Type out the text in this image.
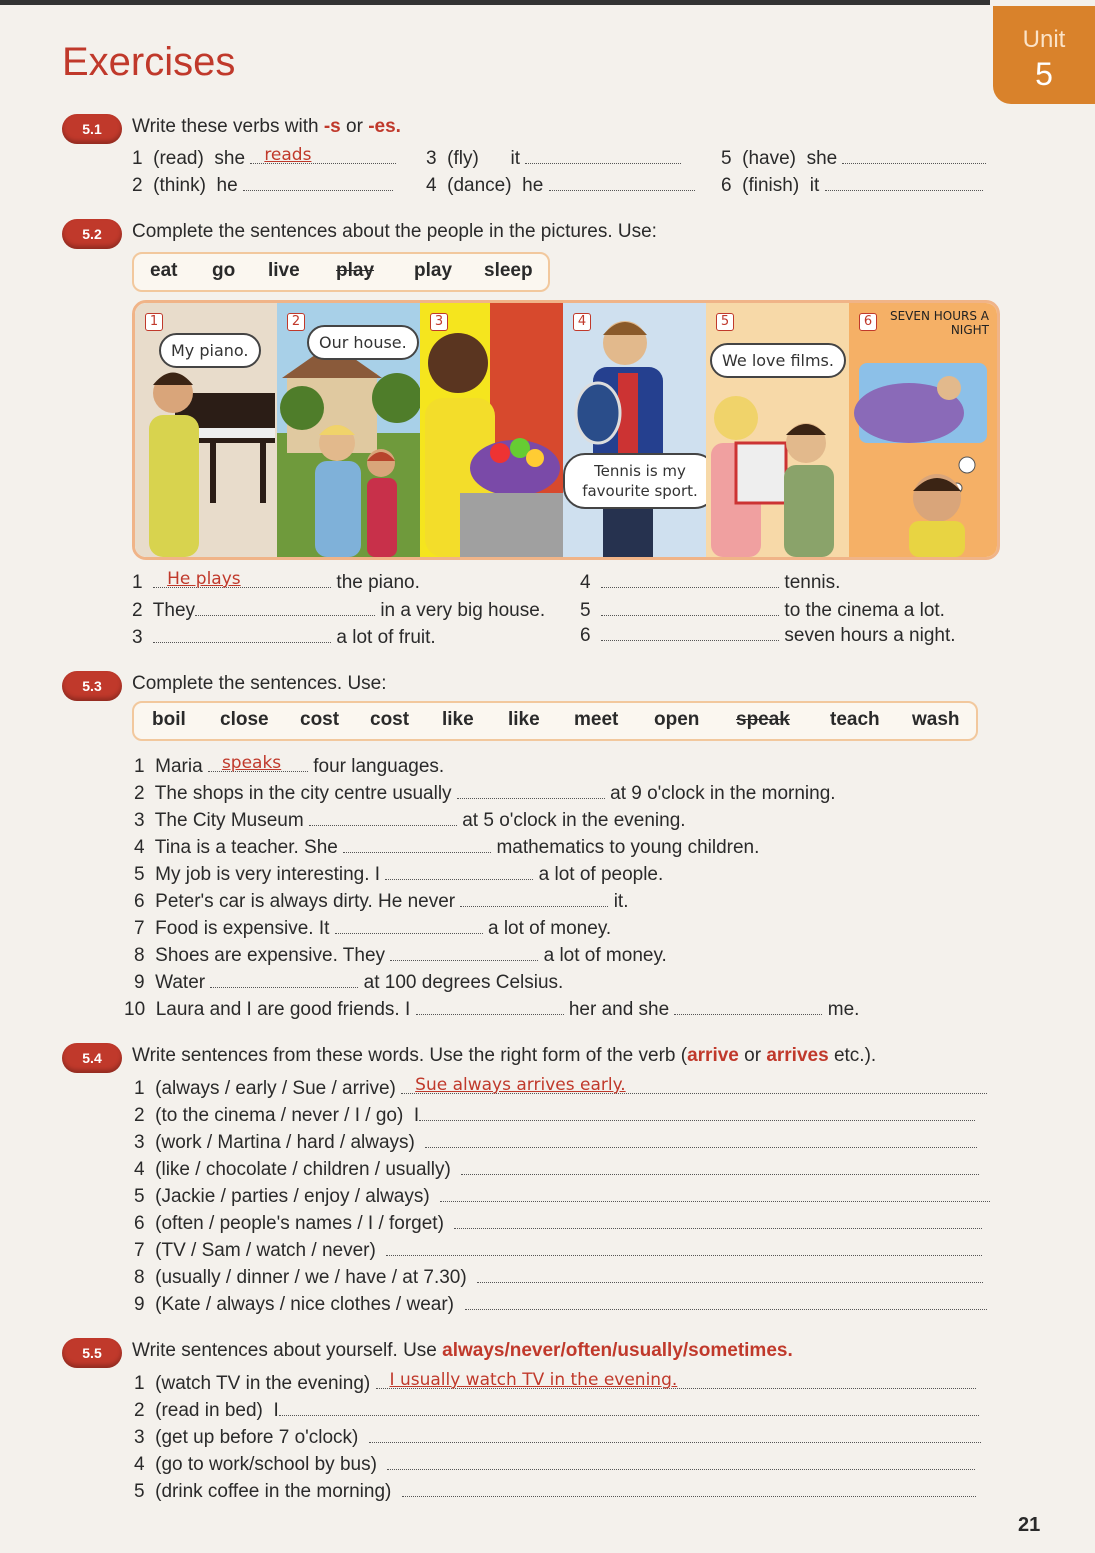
Unit
5
Exercises
5.1	Write these verbs with -s or -es.
1 (read) she reads
2 (think) he
3 (fly) it
4 (dance) he
5 (have) she
6 (finish) it
5.2	Complete the sentences about the people in the pictures. Use:
eat go live play play sleep
1
My piano.
2
Our house.
3	4
Tennis is my favourite sport.
5
We love films.
6	SEVEN HOURS A NIGHT
1 He plays	the piano.
2 They	in a very big house.
3	a lot of fruit.
4	tennis.
5	to the cinema a lot.
6	seven hours a night.
5.3	Complete the sentences. Use:
boil close cost cost like like meet open speak teach wash
1 Maria speaks four languages.
2 The shops in the city centre usually	at 9 o'clock in the morning.
3 The City Museum	at 5 o'clock in the evening.
4 Tina is a teacher. She	mathematics to young children.
5 My job is very interesting. I	a lot of people.
6 Peter's car is always dirty. He never	it.
7 Food is expensive. It	a lot of money.
8 Shoes are expensive. They	a lot of money.
9 Water	at 100 degrees Celsius.
10 Laura and I are good friends. I	her and she	me.
5.4	Write sentences from these words. Use the right form of the verb (arrive or arrives etc.).
1 (always / early / Sue / arrive) Sue always arrives early.
2 (to the cinema / never / I / go) I
3 (work / Martina / hard / always)
4 (like / chocolate / children / usually)
5 (Jackie / parties / enjoy / always)
6 (often / people's names / I / forget)
7 (TV / Sam / watch / never)
8 (usually / dinner / we / have / at 7.30)
9 (Kate / always / nice clothes / wear)
5.5	Write sentences about yourself. Use always/never/often/usually/sometimes.
1 (watch TV in the evening) I usually watch TV in the evening.
2 (read in bed) I
3 (get up before 7 o'clock)
4 (go to work/school by bus)
5 (drink coffee in the morning)
21
